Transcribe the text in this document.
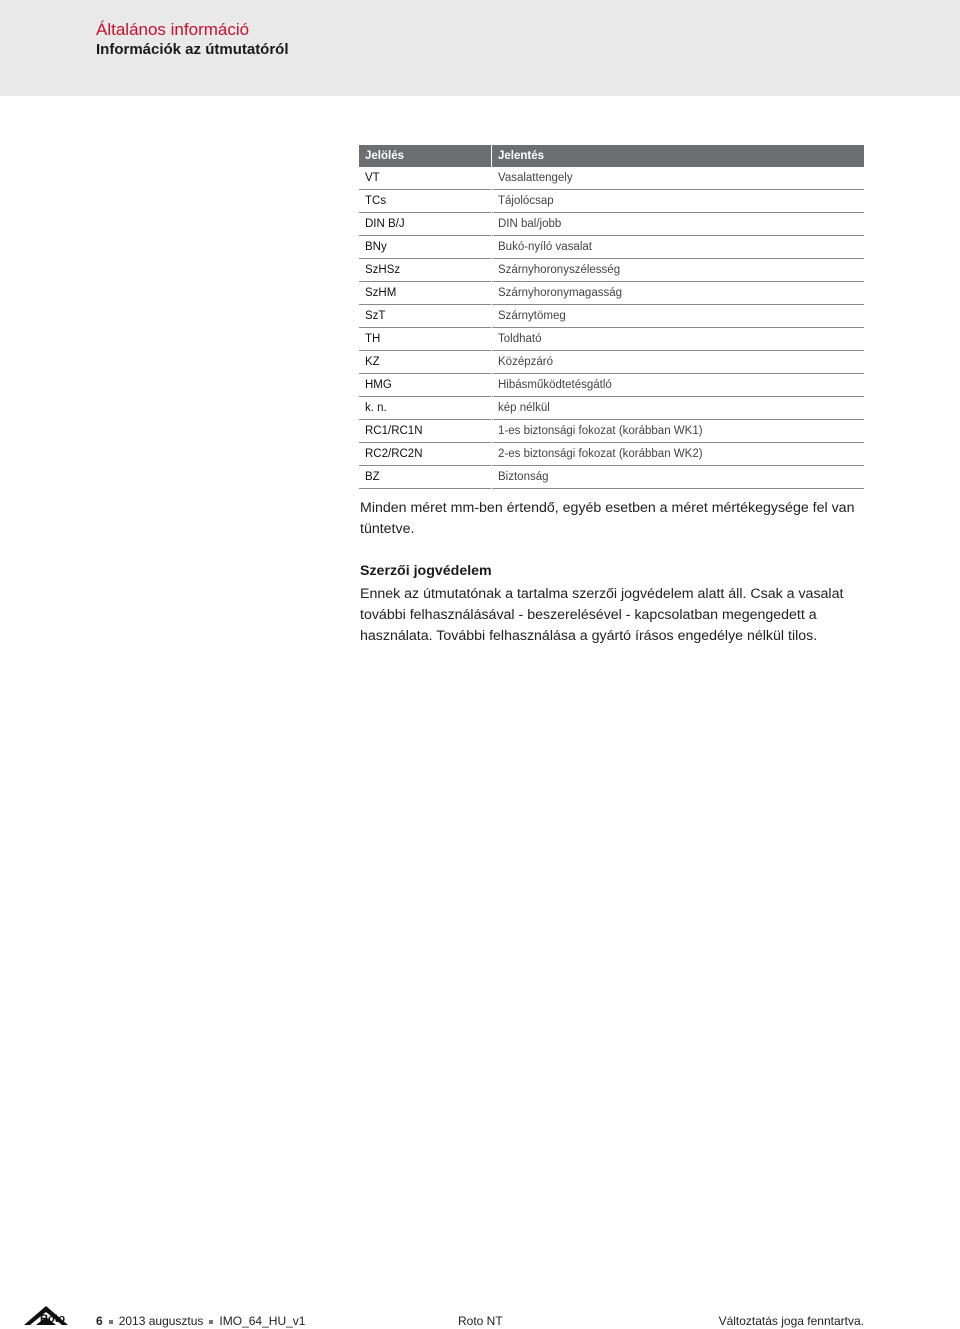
Általános információ
Információk az útmutatóról
Jelölés		Jelentés
VT		Vasalattengely
TCs		Tájolócsap
DIN B/J		DIN bal/jobb
BNy		Bukó-nyíló vasalat
SzHSz		Szárnyhoronyszélesség
SzHM		Szárnyhoronymagasság
SzT		Szárnytömeg
TH		Toldható
KZ		Középzáró
HMG		Hibásműködtetésgátló
k. n.		kép nélkül
RC1/RC1N		1-es biztonsági fokozat (korábban WK1)
RC2/RC2N		2-es biztonsági fokozat (korábban WK2)
BZ		Biztonság
Minden méret mm-ben értendő, egyéb esetben a méret mértékegysége fel van tüntetve.
Szerzői jogvédelem
Ennek az útmutatónak a tartalma szerzői jogvédelem alatt áll. Csak a vasalat további felhasználásával - beszerelésével - kapcsolatban megengedett a használata. További felhasználása a gyártó írásos engedélye nélkül tilos.
Roto	6 2013 augusztus IMO_64_HU_v1	Roto NT	Változtatás joga fenntartva.
